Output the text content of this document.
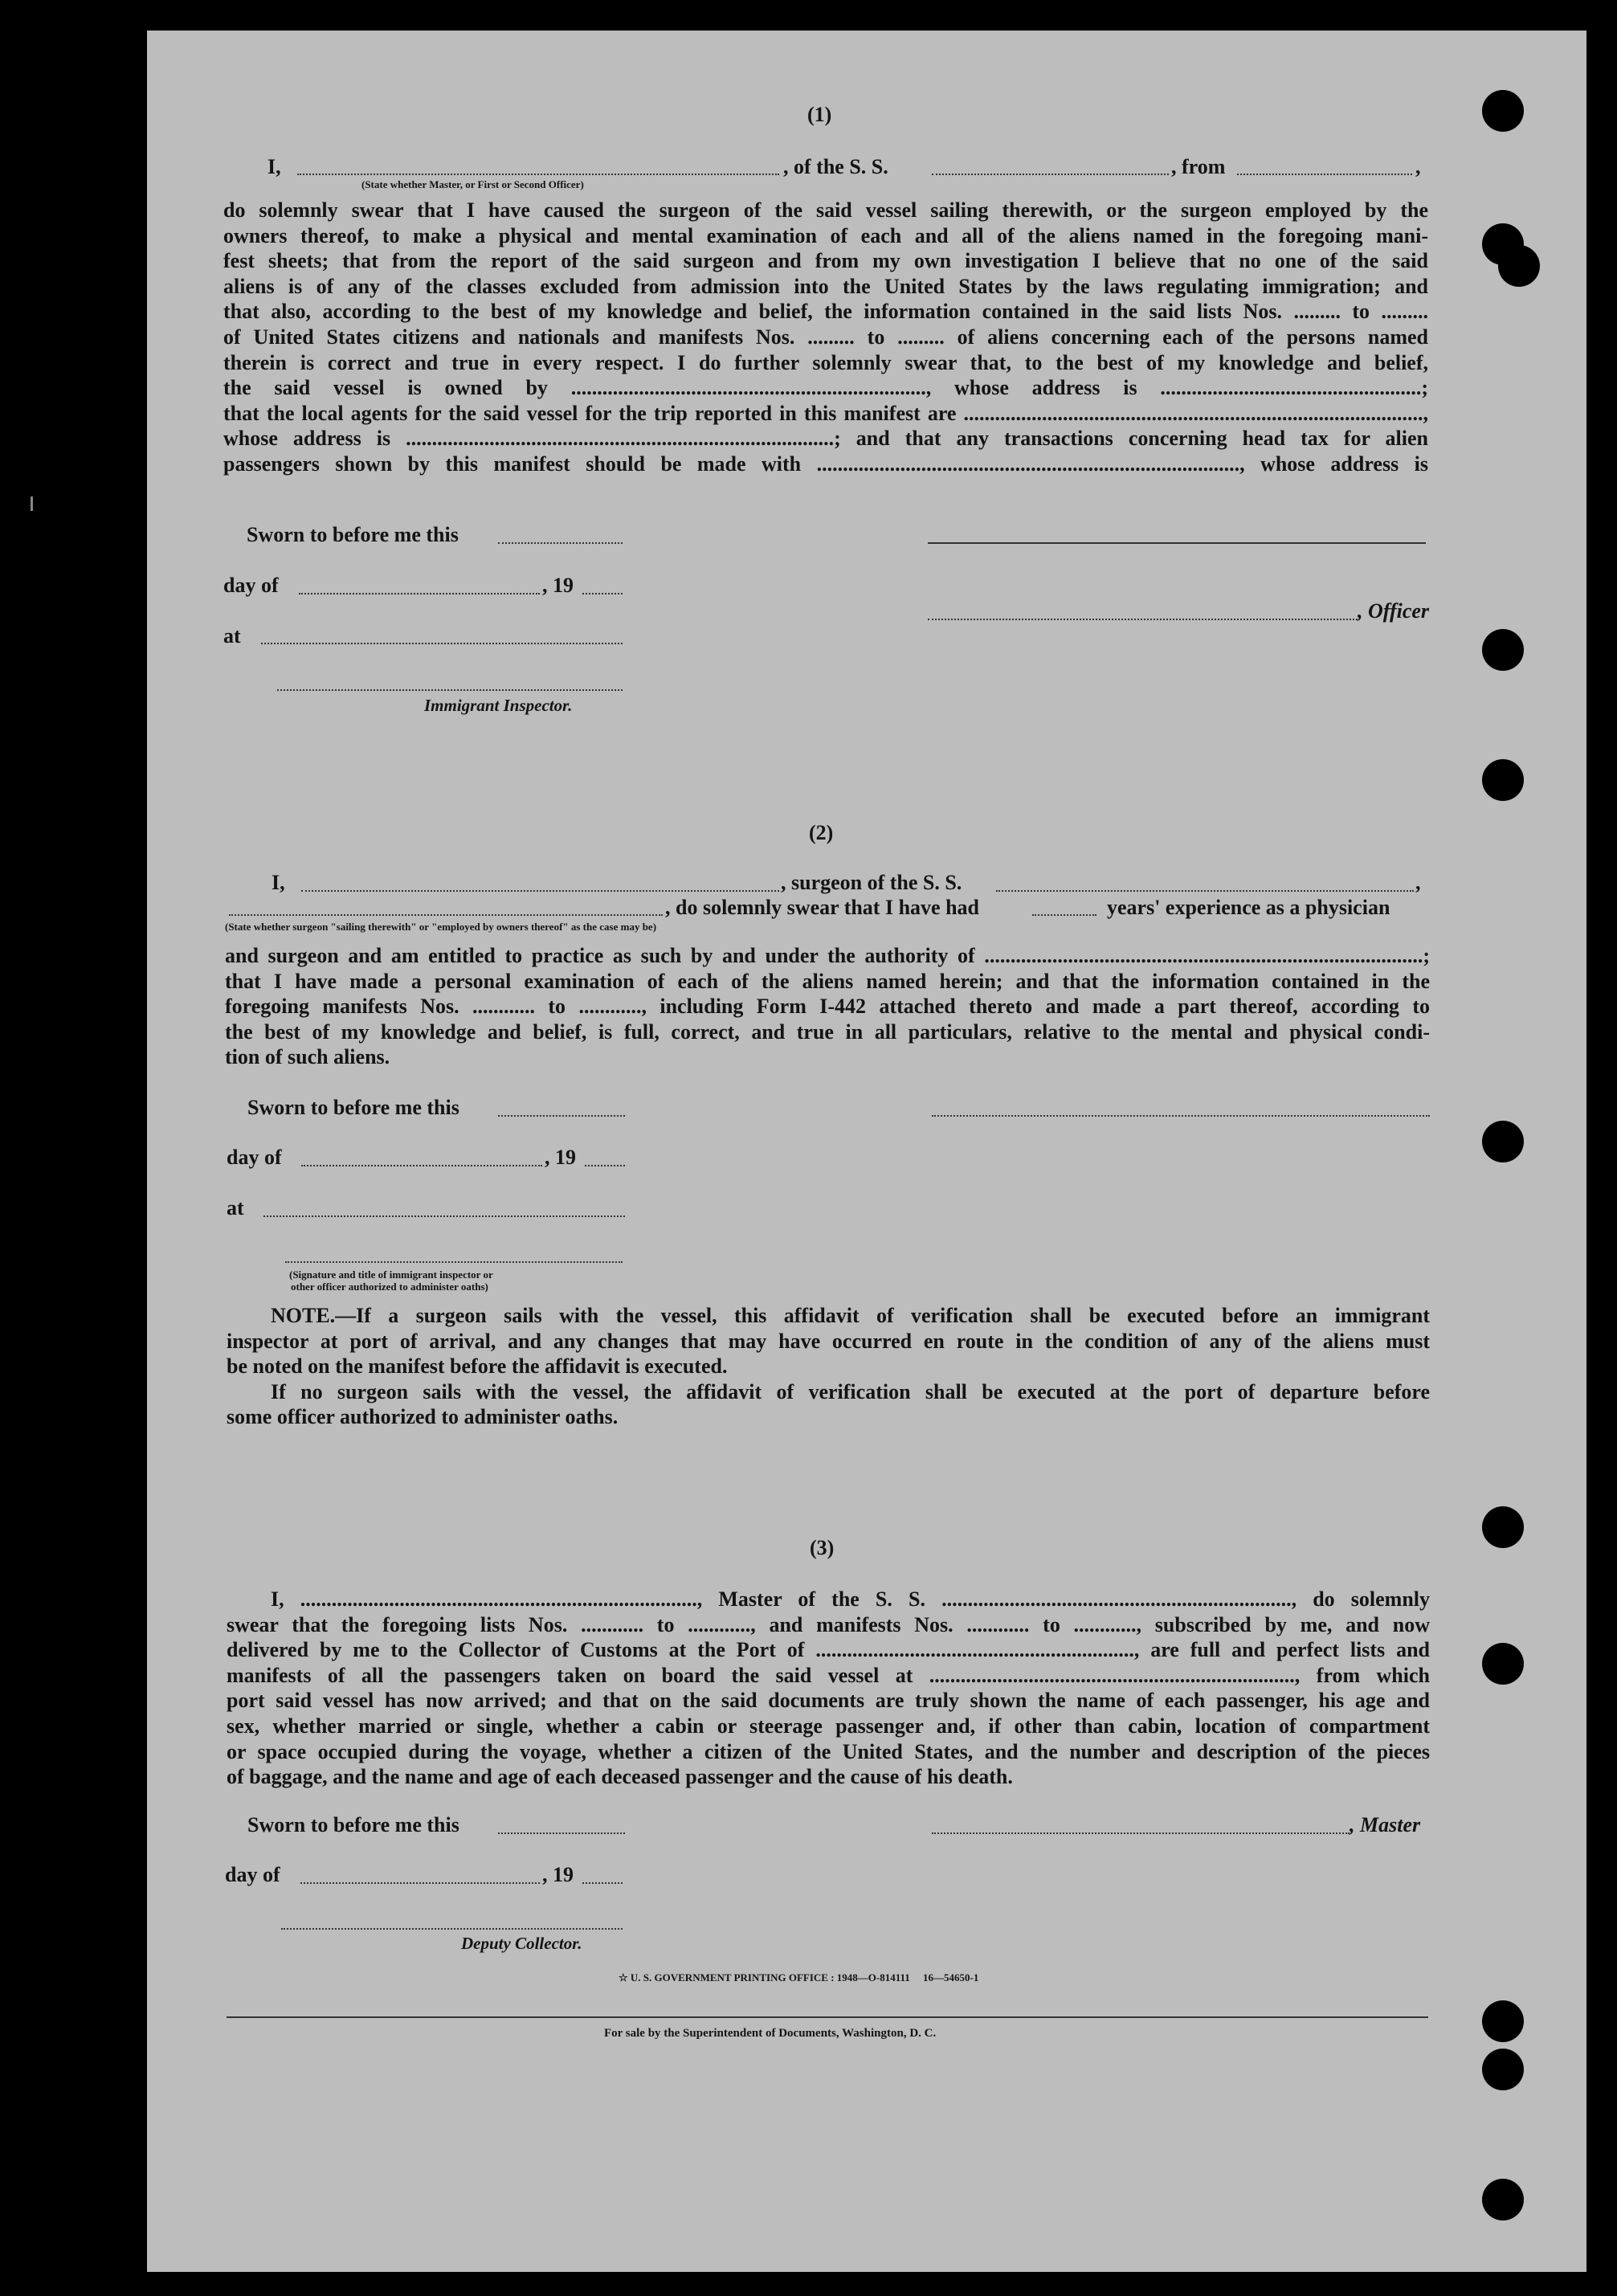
(1)
I,	, of the S. S.	, from	,
(State whether Master, or First or Second Officer)
do solemnly swear that I have caused the surgeon of the said vessel sailing therewith, or the surgeon employed by the
owners thereof, to make a physical and mental examination of each and all of the aliens named in the foregoing mani-
fest sheets; that from the report of the said surgeon and from my own investigation I believe that no one of the said
aliens is of any of the classes excluded from admission into the United States by the laws regulating immigration; and
that also, according to the best of my knowledge and belief, the information contained in the said lists Nos. ......... to .........
of United States citizens and nationals and manifests Nos. ......... to ......... of aliens concerning each of the persons named
therein is correct and true in every respect. I do further solemnly swear that, to the best of my knowledge and belief,
the said vessel is owned by ...................................................................., whose address is ..................................................;
that the local agents for the said vessel for the trip reported in this manifest are ........................................................................................,
whose address is ..................................................................................; and that any transactions concerning head tax for alien
passengers shown by this manifest should be made with ................................................................................., whose address is
Sworn to before me this
day of	, 19
, Officer
at
Immigrant Inspector.
(2)
I,	, surgeon of the S. S.	,
, do solemnly swear that I have had	years' experience as a physician
(State whether surgeon "sailing therewith" or "employed by owners thereof" as the case may be)
and surgeon and am entitled to practice as such by and under the authority of ....................................................................................;
that I have made a personal examination of each of the aliens named herein; and that the information contained in the
foregoing manifests Nos. ............ to ............, including Form I-442 attached thereto and made a part thereof, according to
the best of my knowledge and belief, is full, correct, and true in all particulars, relative to the mental and physical condi-
tion of such aliens.
Sworn to before me this
day of	, 19
at
(Signature and title of immigrant inspector or
other officer authorized to administer oaths)
NOTE.—If a surgeon sails with the vessel, this affidavit of verification shall be executed before an immigrant
inspector at port of arrival, and any changes that may have occurred en route in the condition of any of the aliens must
be noted on the manifest before the affidavit is executed.
If no surgeon sails with the vessel, the affidavit of verification shall be executed at the port of departure before
some officer authorized to administer oaths.
(3)
I, ............................................................................, Master of the S. S. ..................................................................., do solemnly
swear that the foregoing lists Nos. ............ to ............, and manifests Nos. ............ to ............, subscribed by me, and now
delivered by me to the Collector of Customs at the Port of ............................................................., are full and perfect lists and
manifests of all the passengers taken on board the said vessel at ......................................................................, from which
port said vessel has now arrived; and that on the said documents are truly shown the name of each passenger, his age and
sex, whether married or single, whether a cabin or steerage passenger and, if other than cabin, location of compartment
or space occupied during the voyage, whether a citizen of the United States, and the number and description of the pieces
of baggage, and the name and age of each deceased passenger and the cause of his death.
Sworn to before me this	, Master
day of	, 19
Deputy Collector.
☆ U. S. GOVERNMENT PRINTING OFFICE : 1948—O-814111     16—54650-1
For sale by the Superintendent of Documents, Washington, D. C.
